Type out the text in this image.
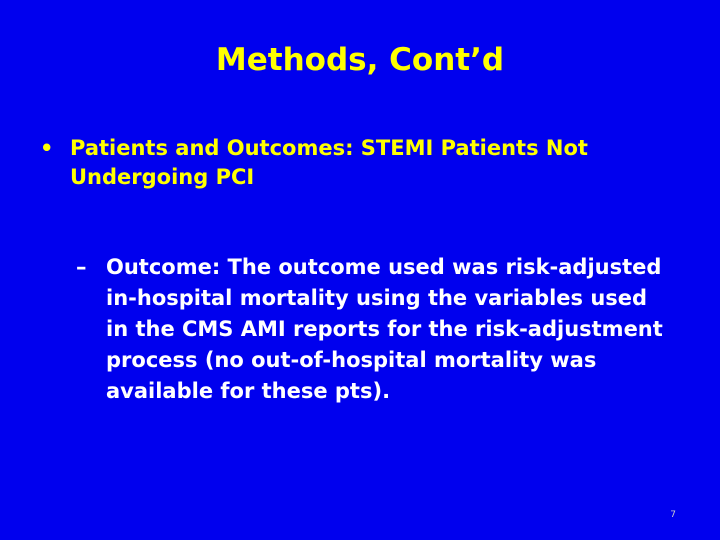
Methods, Cont’d
• Patients and Outcomes: STEMI Patients Not Undergoing PCI
– Outcome: The outcome used was risk-adjusted in-hospital mortality using the variables used in the CMS AMI reports for the risk-adjustment process (no out-of-hospital mortality was available for these pts).
7
